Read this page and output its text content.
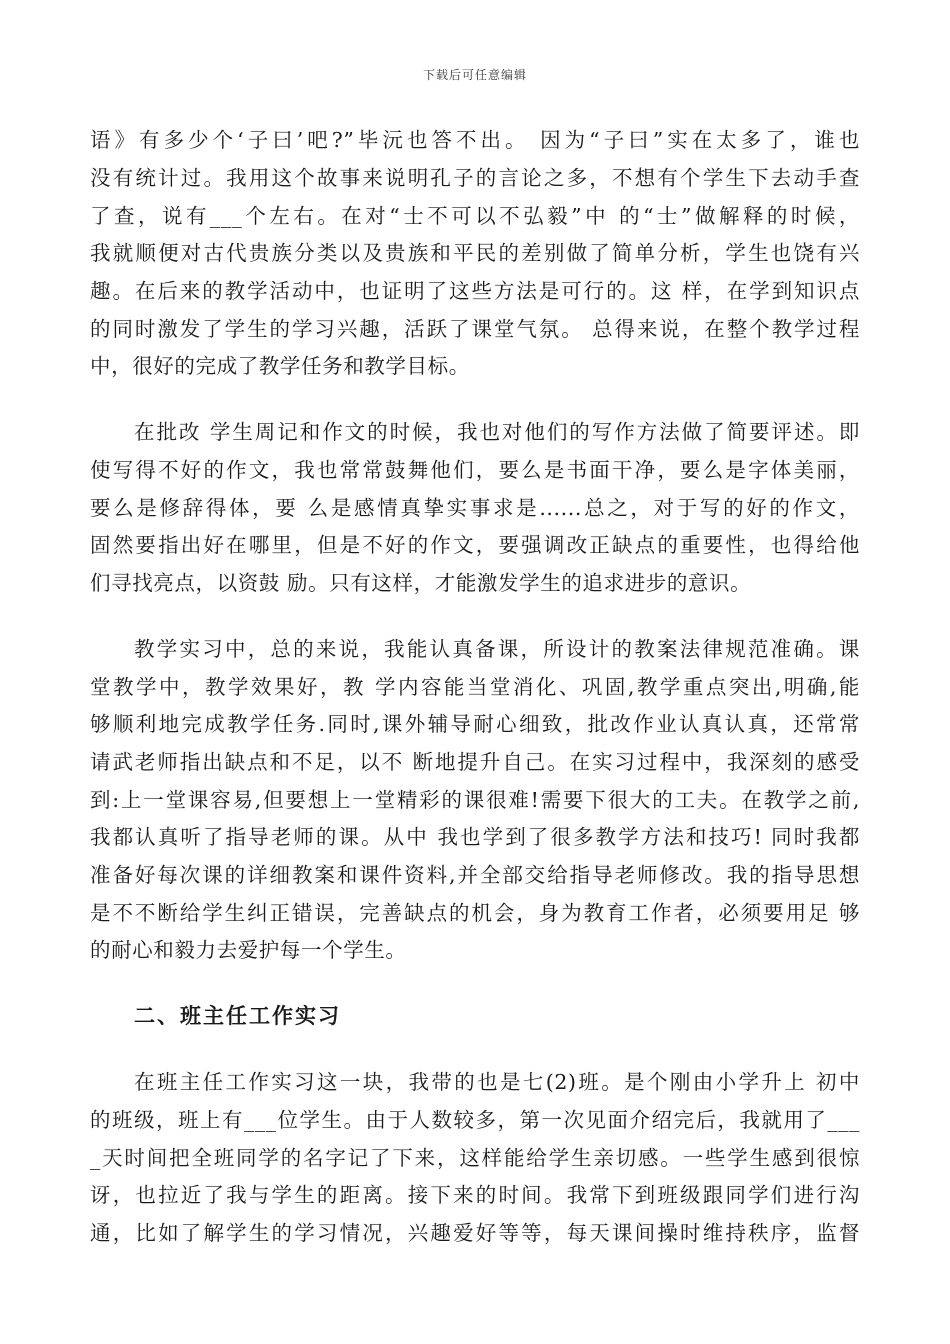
下载后可任意编辑
语》有多少个‘子曰’吧?”毕沅也答不出。 因为“子曰”实在太多了，谁也
没有统计过。我用这个故事来说明孔子的言论之多，不想有个学生下去动手查
了查，说有___个左右。在对“士不可以不弘毅”中 的“士”做解释的时候，
我就顺便对古代贵族分类以及贵族和平民的差别做了简单分析，学生也饶有兴
趣。在后来的教学活动中，也证明了这些方法是可行的。这 样，在学到知识点
的同时激发了学生的学习兴趣，活跃了课堂气氛。 总得来说，在整个教学过程
中，很好的完成了教学任务和教学目标。
在批改 学生周记和作文的时候，我也对他们的写作方法做了简要评述。即
使写得不好的作文，我也常常鼓舞他们，要么是书面干净，要么是字体美丽，
要么是修辞得体，要 么是感情真挚实事求是......总之，对于写的好的作文，
固然要指出好在哪里，但是不好的作文，要强调改正缺点的重要性，也得给他
们寻找亮点，以资鼓 励。只有这样，才能激发学生的追求进步的意识。
教学实习中，总的来说，我能认真备课，所设计的教案法律规范准确。课
堂教学中，教学效果好，教 学内容能当堂消化、巩固,教学重点突出,明确,能
够顺利地完成教学任务.同时,课外辅导耐心细致，批改作业认真认真，还常常
请武老师指出缺点和不足，以不 断地提升自己。在实习过程中，我深刻的感受
到:上一堂课容易,但要想上一堂精彩的课很难!需要下很大的工夫。在教学之前,
我都认真听了指导老师的课。从中 我也学到了很多教学方法和技巧! 同时我都
准备好每次课的详细教案和课件资料,并全部交给指导老师修改。我的指导思想
是不不断给学生纠正错误，完善缺点的机会，身为教育工作者，必须要用足 够
的耐心和毅力去爱护每一个学生。
二、班主任工作实习
在班主任工作实习这一块，我带的也是七(2)班。是个刚由小学升上 初中
的班级，班上有___位学生。由于人数较多，第一次见面介绍完后，我就用了___
_天时间把全班同学的名字记了下来，这样能给学生亲切感。一些学生感到很惊
讶，也拉近了我与学生的距离。接下来的时间。我常下到班级跟同学们进行沟
通，比如了解学生的学习情况，兴趣爱好等等，每天课间操时维持秩序，监督
